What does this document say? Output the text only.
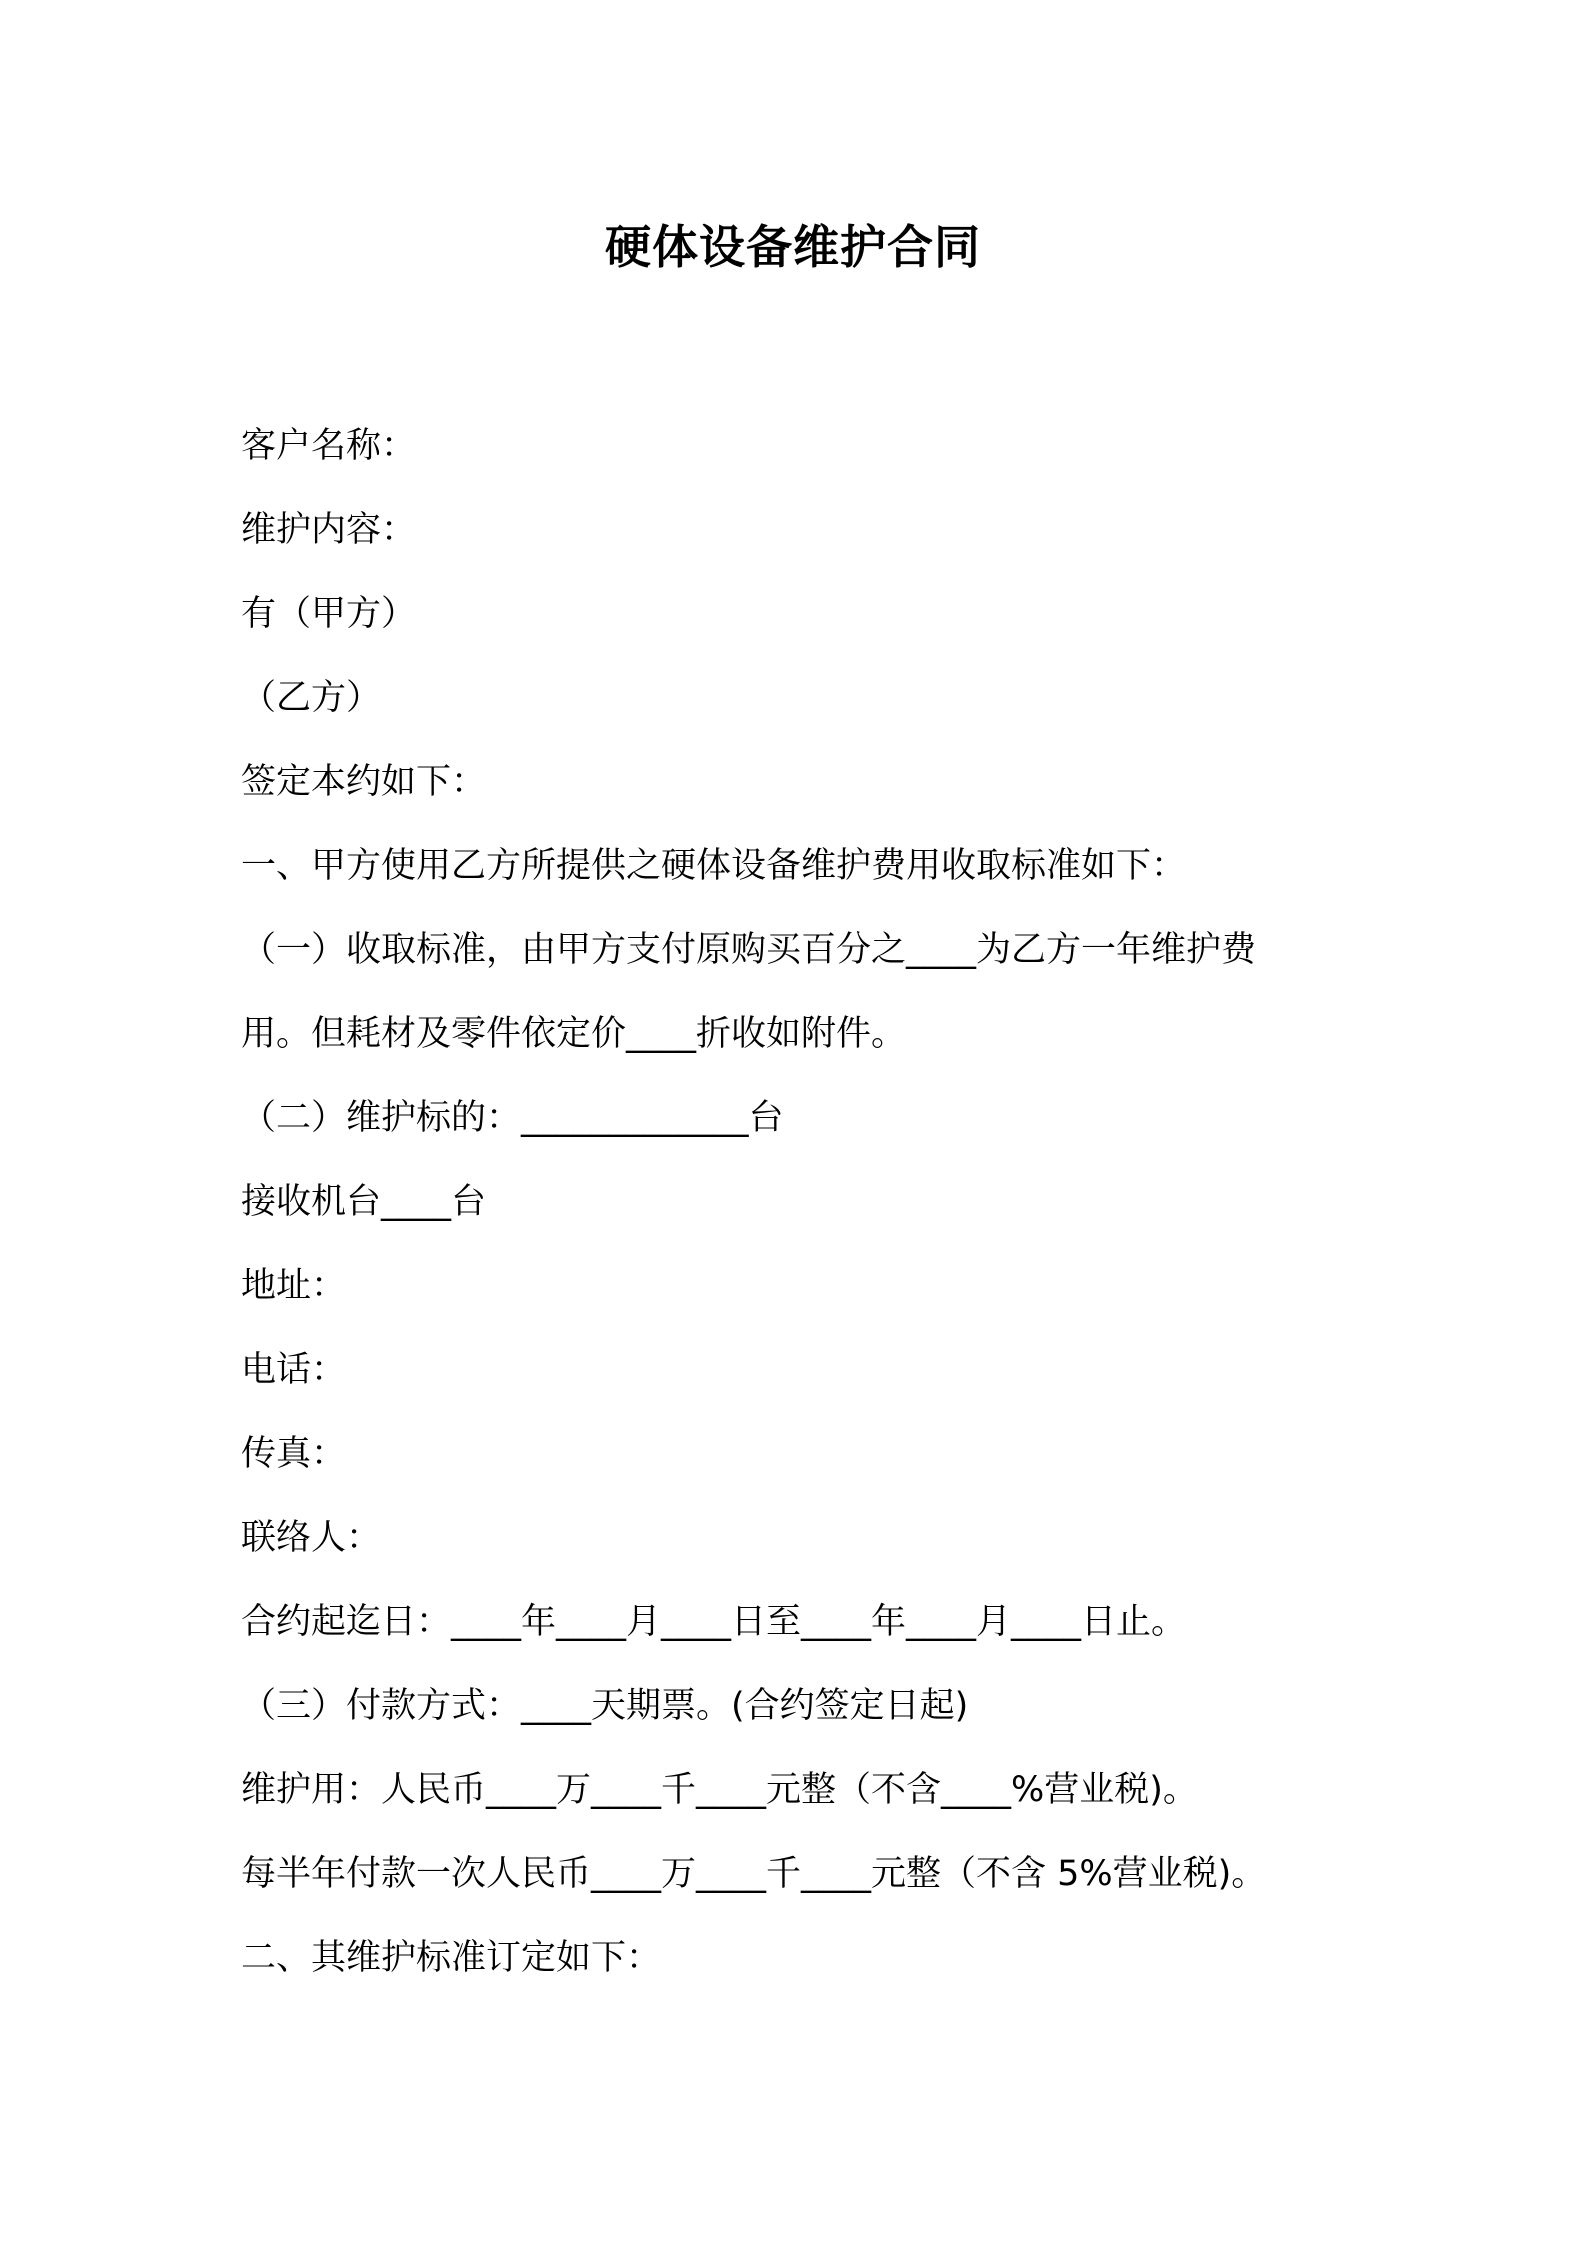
硬体设备维护合同
客户名称：
维护内容：
有（甲方）
（乙方）
签定本约如下：
一、甲方使用乙方所提供之硬体设备维护费用收取标准如下：
（一）收取标准，由甲方支付原购买百分之____为乙方一年维护费
用。但耗材及零件依定价____折收如附件。
（二）维护标的：_____________台
接收机台____台
地址：
电话：
传真：
联络人：
合约起迄日：____年____月____日至____年____月____日止。
（三）付款方式：____天期票。(合约签定日起)
维护用：人民币____万____千____元整（不含____%营业税)。
每半年付款一次人民币____万____千____元整（不含 5%营业税)。
二、其维护标准订定如下：
